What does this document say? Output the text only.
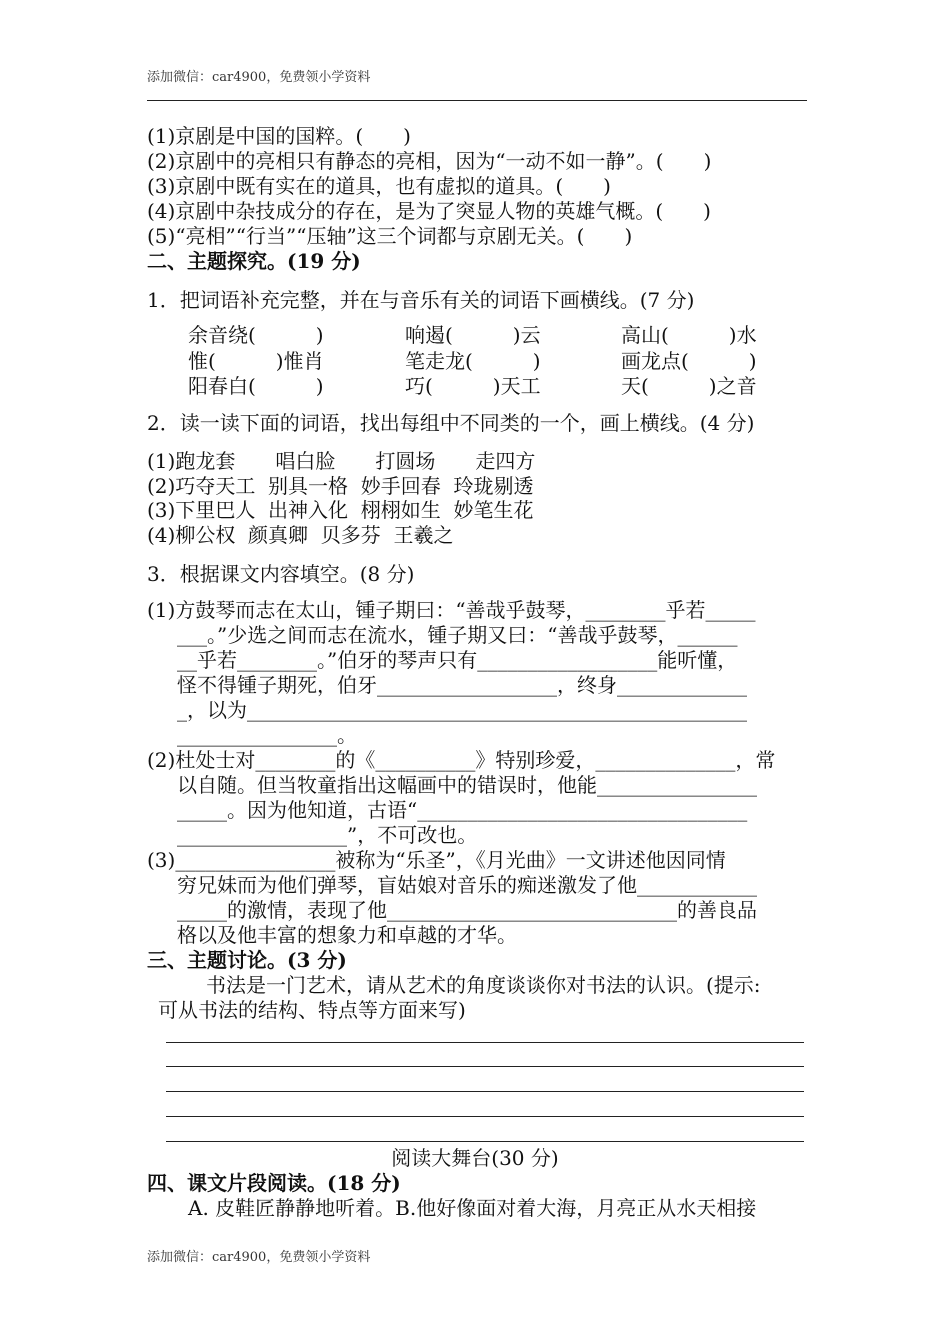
添加微信：car4900，免费领小学资料
(1)京剧是中国的国粹。(　　)
(2)京剧中的亮相只有静态的亮相，因为“一动不如一静”。(　　)
(3)京剧中既有实在的道具，也有虚拟的道具。(　　)
(4)京剧中杂技成分的存在，是为了突显人物的英雄气概。(　　)
(5)“亮相”“行当”“压轴”这三个词都与京剧无关。(　　)
二、主题探究。(19 分)
1．把词语补充完整，并在与音乐有关的词语下画横线。(7 分)
余音绕(　　　)	响遏(　　　)云	高山(　　　)水
惟(　　　)惟肖	笔走龙(　　　)	画龙点(　　　)
阳春白(　　　)	巧(　　　)天工	天(　　　)之音
2．读一读下面的词语，找出每组中不同类的一个，画上横线。(4 分)
(1)跑龙套　　唱白脸　　打圆场　　走四方
(2)巧夺天工  别具一格  妙手回春  玲珑剔透
(3)下里巴人  出神入化  栩栩如生  妙笔生花
(4)柳公权  颜真卿  贝多芬  王羲之
3．根据课文内容填空。(8 分)
(1)方鼓琴而志在太山，锺子期曰：“善哉乎鼓琴，________乎若_____
___。”少选之间而志在流水，锺子期又曰：“善哉乎鼓琴，______
__乎若________。”伯牙的琴声只有__________________能听懂，
怪不得锺子期死，伯牙__________________，终身_____________
_，以为__________________________________________________
________________。
(2)杜处士对________的《__________》特别珍爱，______________，常
以自随。但当牧童指出这幅画中的错误时，他能________________
_____。因为他知道，古语“_________________________________
_________________”，不可改也。
(3)________________被称为“乐圣”，《月光曲》一文讲述他因同情
穷兄妹而为他们弹琴，盲姑娘对音乐的痴迷激发了他____________
_____的激情，表现了他_____________________________的善良品
格以及他丰富的想象力和卓越的才华。
三、主题讨论。(3 分)
书法是一门艺术，请从艺术的角度谈谈你对书法的认识。(提示:
可从书法的结构、特点等方面来写)
阅读大舞台(30 分)
四、课文片段阅读。(18 分)
A. 皮鞋匠静静地听着。B.他好像面对着大海，月亮正从水天相接
添加微信：car4900，免费领小学资料
